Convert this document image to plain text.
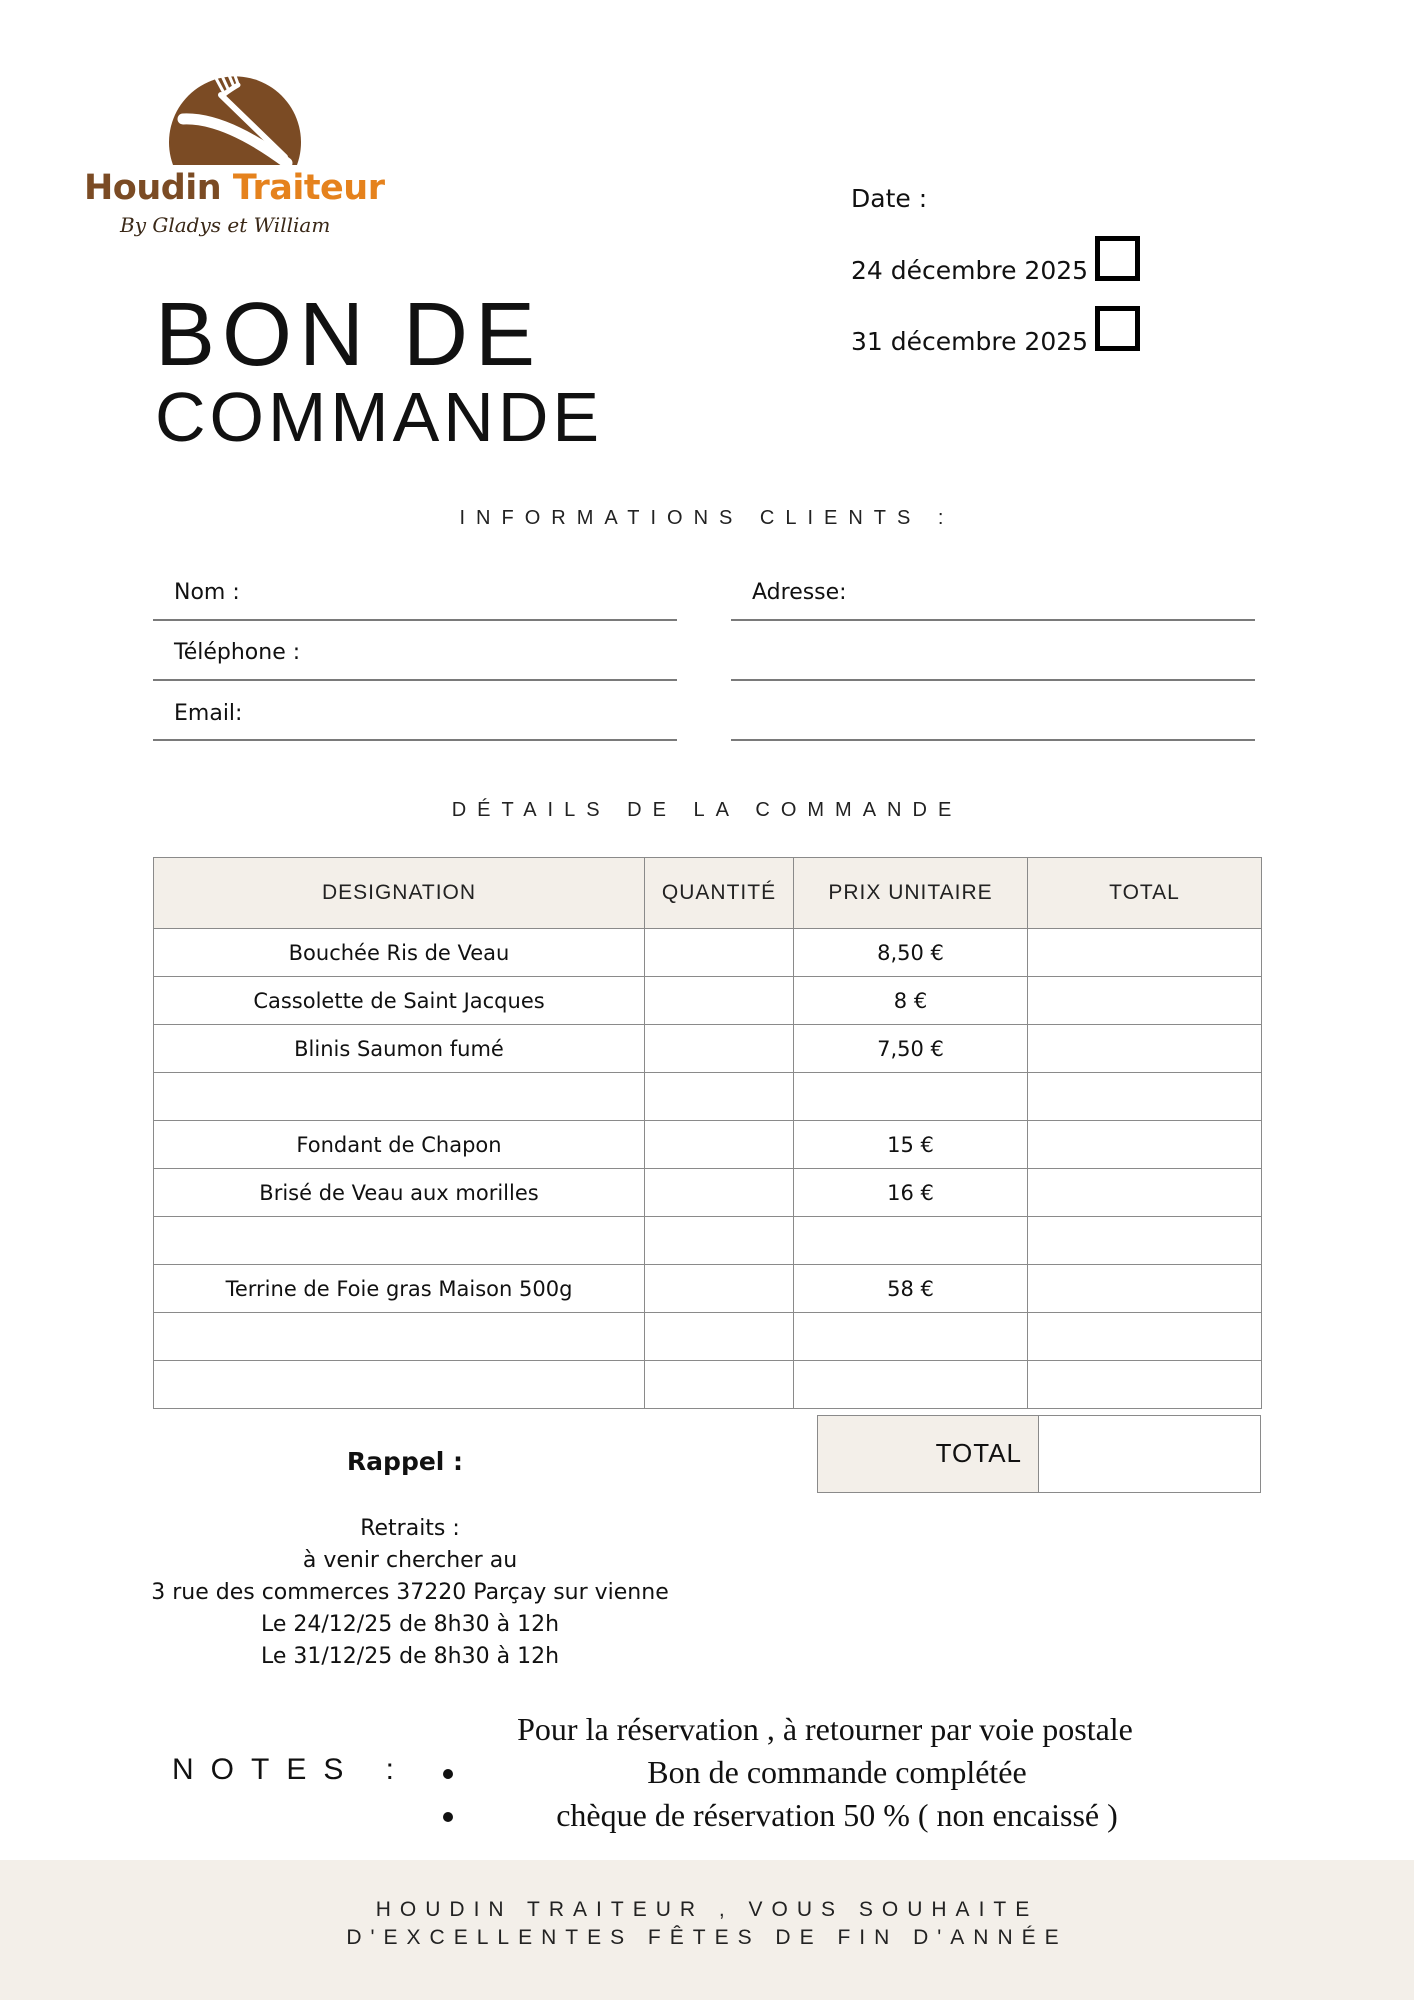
Houdin Traiteur
By Gladys et William
BON DE
COMMANDE
Date :
24 décembre 2025
31 décembre 2025
INFORMATIONS CLIENTS :
Nom :
Téléphone :
Email:
Adresse:
DÉTAILS DE LA COMMANDE
DESIGNATION	QUANTITÉ	PRIX UNITAIRE	TOTAL
Bouchée Ris de Veau		8,50 €	
Cassolette de Saint Jacques		8 €	
Blinis Saumon fumé		7,50 €	

Fondant de Chapon		15 €	
Brisé de Veau aux morilles		16 €	

Terrine de Foie gras Maison 500g		58 €	

TOTAL
Rappel :
Retraits :
à venir chercher au
3 rue des commerces 37220 Parçay sur vienne
Le 24/12/25 de 8h30 à 12h
Le 31/12/25 de 8h30 à 12h
NOTES :
Pour la réservation , à retourner par voie postale
• Bon de commande complétée
• chèque de réservation 50 % ( non encaissé )
HOUDIN TRAITEUR , VOUS SOUHAITE
D'EXCELLENTES FÊTES DE FIN D'ANNÉE
